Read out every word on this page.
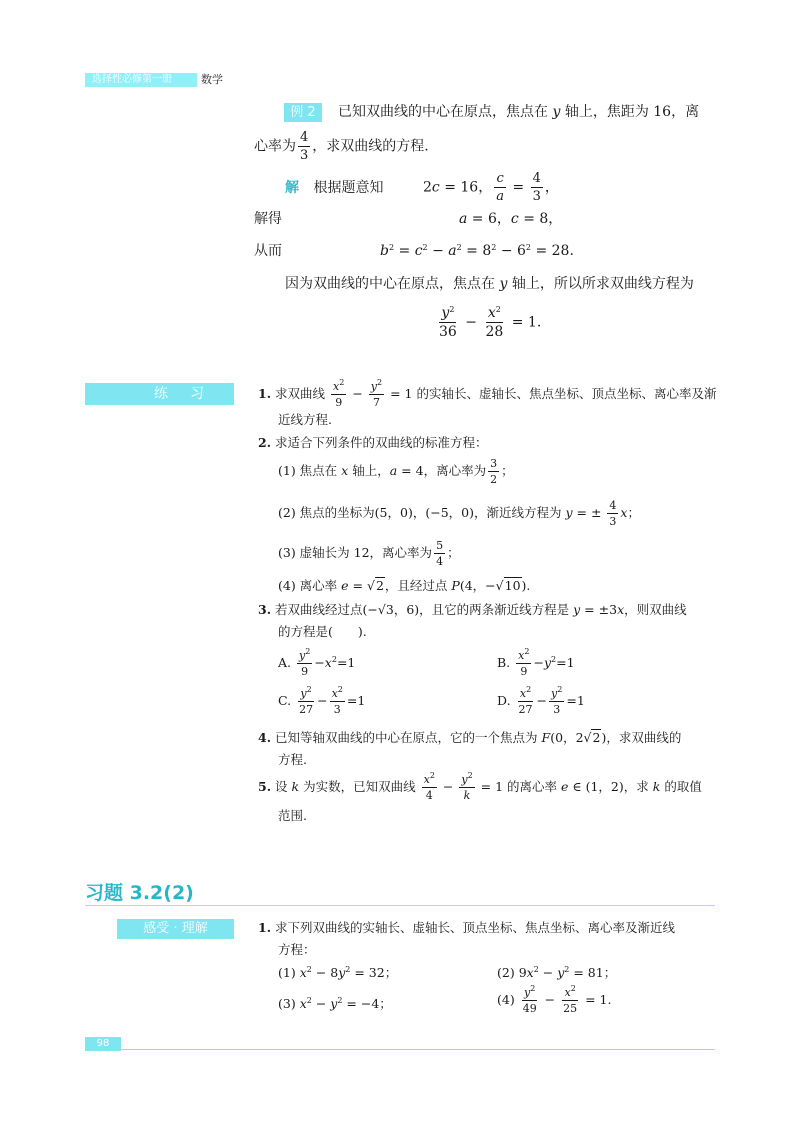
选择性必修第一册	数学
例 2	已知双曲线的中心在原点，焦点在 y 轴上，焦距为 16，离
心率为 $\frac{4}{3}$ ，求双曲线的方程.
解 根据题意知	2c = 16， $\frac{c}{a} = \frac{4}{3}$ ，
解得	a = 6，c = 8，
从而	$b^2 = c^2 - a^2 = 8^2 - 6^2 = 28$.
因为双曲线的中心在原点，焦点在 y 轴上，所以所求双曲线方程为
$\frac{y^2}{36} - \frac{x^2}{28} = 1$.
练习	1. 求双曲线 $\frac{x^2}{9} - \frac{y^2}{7} = 1$ 的实轴长、虚轴长、焦点坐标、顶点坐标、离心率及渐
近线方程.
2. 求适合下列条件的双曲线的标准方程：
(1) 焦点在 x 轴上，a = 4，离心率为 $\frac{3}{2}$ ；
(2) 焦点的坐标为(5，0)，(−5，0)，渐近线方程为 y = ± $\frac{4}{3}$ x；
(3) 虚轴长为 12，离心率为 $\frac{5}{4}$ ；
(4) 离心率 e = √2，且经过点 P(4，−√10).
3. 若双曲线经过点(−√3，6)，且它的两条渐近线方程是 y = ±3x，则双曲线
的方程是(　　).
A. $\frac{y^2}{9} -x^2=1$	B. $\frac{x^2}{9} -y^2=1$
C. $\frac{y^2}{27} - \frac{x^2}{3} =1$	D. $\frac{x^2}{27} - \frac{y^2}{3} =1$
4. 已知等轴双曲线的中心在原点，它的一个焦点为 F(0，2√2)，求双曲线的
方程.
5. 设 k 为实数，已知双曲线 $\frac{x^2}{4} - \frac{y^2}{k} = 1$ 的离心率 e ∈ (1，2)，求 k 的取值
范围.
习题 3.2(2)
感受 · 理解	1. 求下列双曲线的实轴长、虚轴长、顶点坐标、焦点坐标、离心率及渐近线
方程：
(1) $x^2 - 8y^2 = 32$；	(2) $9x^2 - y^2 = 81$；
(3) $x^2 - y^2 = -4$；	$(4) \frac{y^2}{49} - \frac{x^2}{25} = 1$.
98
